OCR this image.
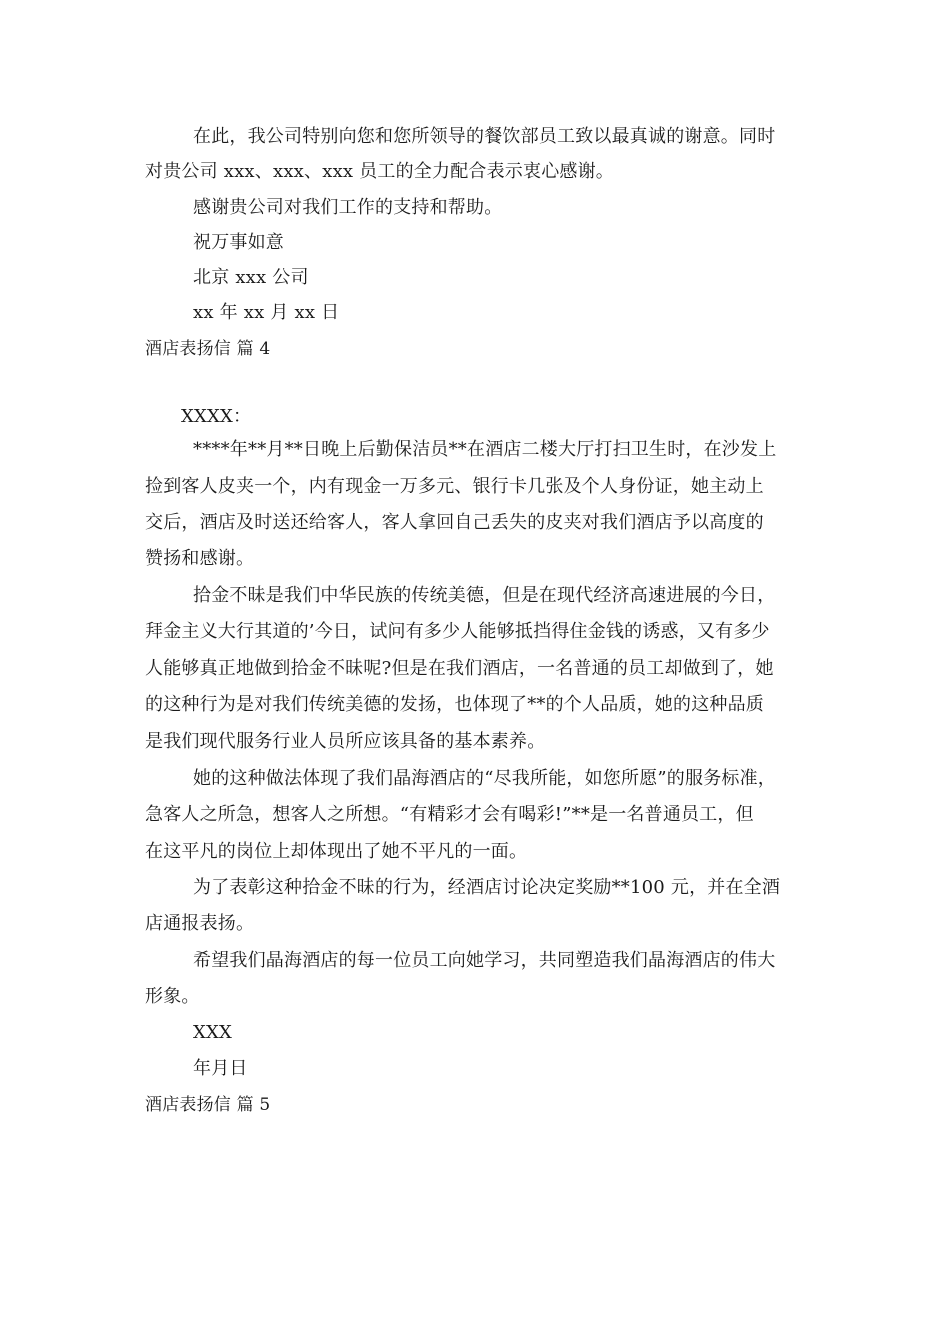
在此，我公司特别向您和您所领导的餐饮部员工致以最真诚的谢意。同时
对贵公司 xxx、xxx、xxx 员工的全力配合表示衷心感谢。
感谢贵公司对我们工作的支持和帮助。
祝万事如意
北京 xxx 公司
xx 年 xx 月 xx 日
酒店表扬信 篇 4
XXXX：
****年**月**日晚上后勤保洁员**在酒店二楼大厅打扫卫生时，在沙发上
捡到客人皮夹一个，内有现金一万多元、银行卡几张及个人身份证，她主动上
交后，酒店及时送还给客人，客人拿回自己丢失的皮夹对我们酒店予以高度的
赞扬和感谢。
拾金不昧是我们中华民族的传统美德，但是在现代经济高速进展的今日，
拜金主义大行其道的’今日，试问有多少人能够抵挡得住金钱的诱惑，又有多少
人能够真正地做到拾金不昧呢?但是在我们酒店，一名普通的员工却做到了，她
的这种行为是对我们传统美德的发扬，也体现了**的个人品质，她的这种品质
是我们现代服务行业人员所应该具备的基本素养。
她的这种做法体现了我们晶海酒店的“尽我所能，如您所愿”的服务标准，
急客人之所急，想客人之所想。“有精彩才会有喝彩!”**是一名普通员工，但
在这平凡的岗位上却体现出了她不平凡的一面。
为了表彰这种拾金不昧的行为，经酒店讨论决定奖励**100 元，并在全酒
店通报表扬。
希望我们晶海酒店的每一位员工向她学习，共同塑造我们晶海酒店的伟大
形象。
XXX
年月日
酒店表扬信 篇 5
